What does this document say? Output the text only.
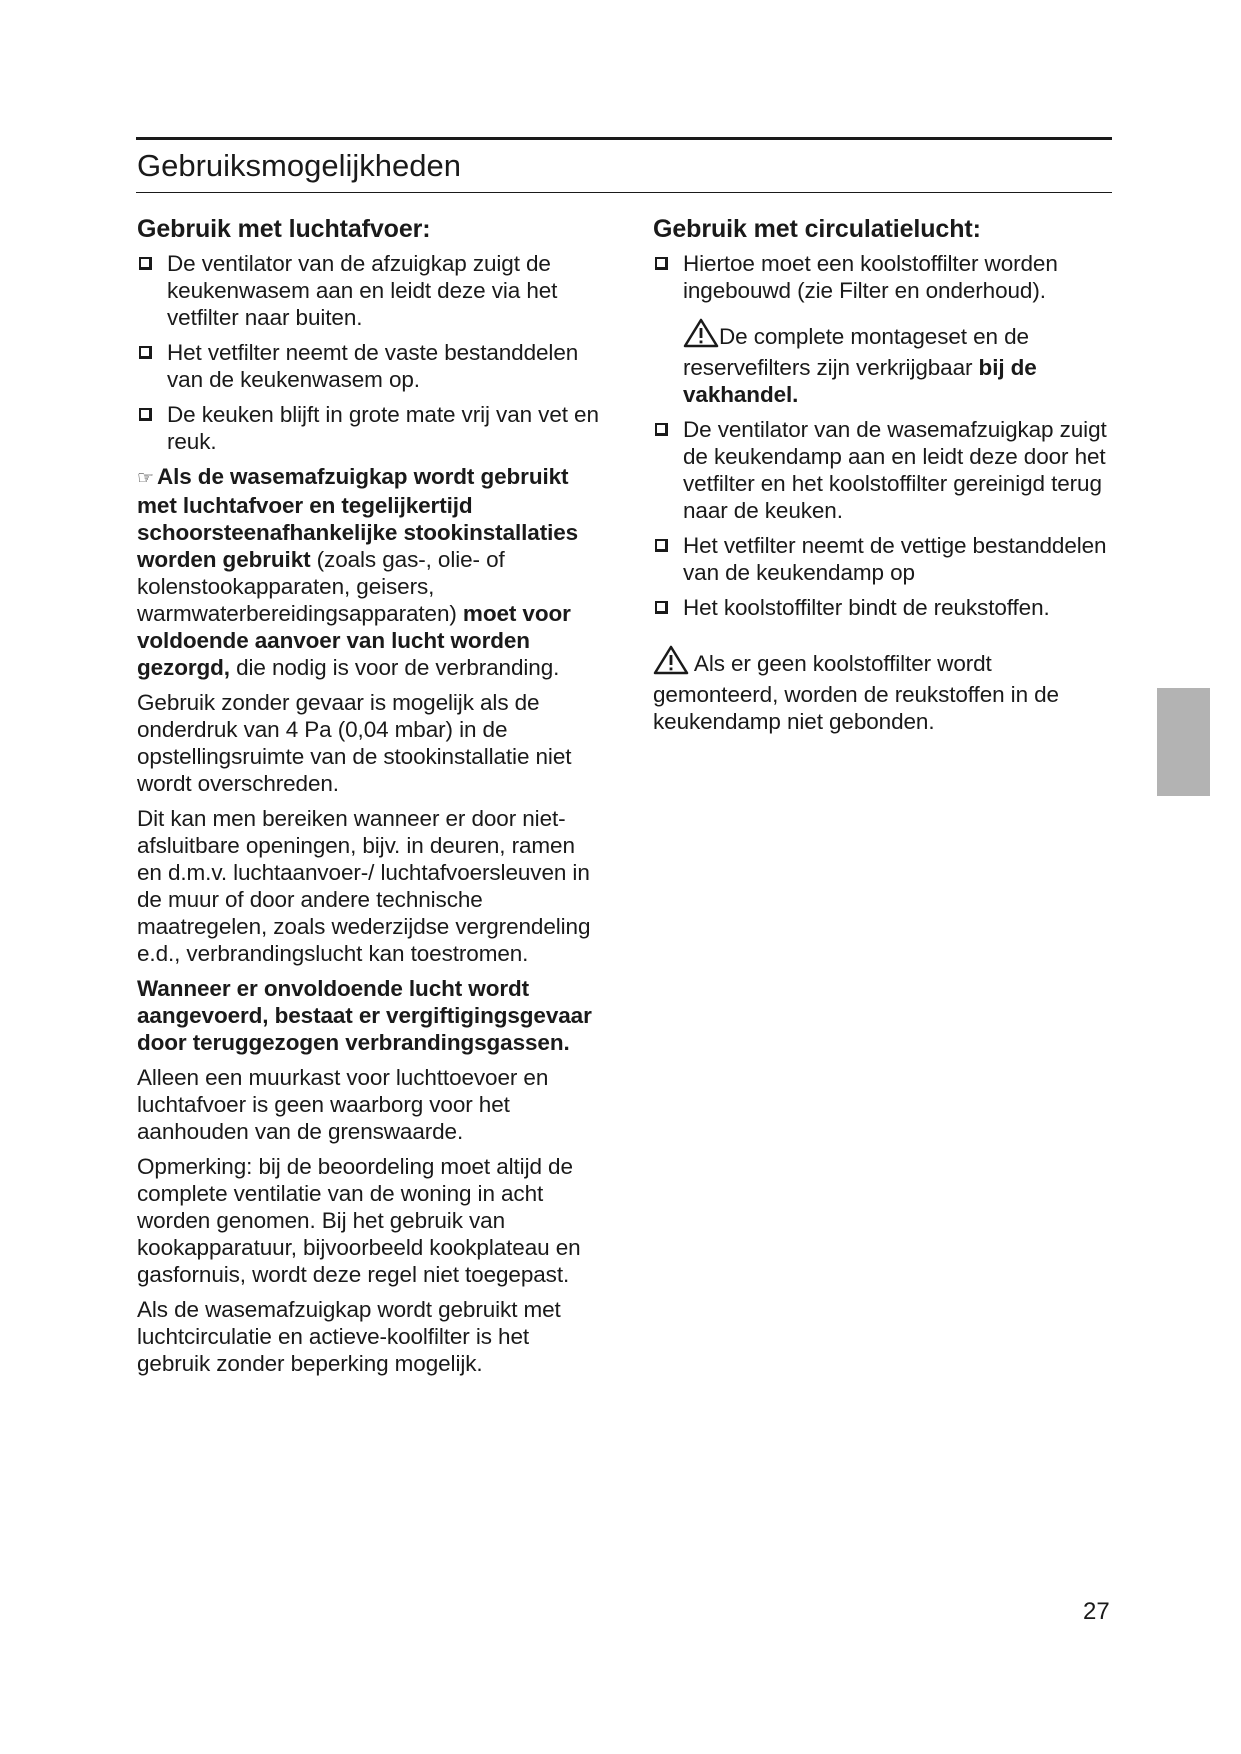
Gebruiksmogelijkheden
Gebruik met luchtafvoer:
De ventilator van de afzuigkap zuigt de keukenwasem aan en leidt deze via het vetfilter naar buiten.
Het vetfilter neemt de vaste bestanddelen van de keukenwasem op.
De keuken blijft in grote mate vrij van vet en reuk.

☞ Als de wasemafzuigkap wordt gebruikt met luchtafvoer en tegelijkertijd schoorsteenafhankelijke stookinstallaties worden gebruikt (zoals gas-, olie- of kolenstookapparaten, geisers, warmwaterbereidingsapparaten) moet voor voldoende aanvoer van lucht worden gezorgd, die nodig is voor de verbranding.

Gebruik zonder gevaar is mogelijk als de onderdruk van 4 Pa (0,04 mbar) in de opstellingsruimte van de stookinstallatie niet wordt overschreden.

Dit kan men bereiken wanneer er door niet-afsluitbare openingen, bijv. in deuren, ramen en d.m.v. luchtaanvoer-/ luchtafvoersleuven in de muur of door andere technische maatregelen, zoals wederzijdse vergrendeling e.d., verbrandingslucht kan toestromen.

Wanneer er onvoldoende lucht wordt aangevoerd, bestaat er vergiftigingsgevaar door teruggezogen verbrandingsgassen.

Alleen een muurkast voor luchttoevoer en luchtafvoer is geen waarborg voor het aanhouden van de grenswaarde.

Opmerking: bij de beoordeling moet altijd de complete ventilatie van de woning in acht worden genomen. Bij het gebruik van kookapparatuur, bijvoorbeeld kookplateau en gasfornuis, wordt deze regel niet toegepast.

Als de wasemafzuigkap wordt gebruikt met luchtcirculatie en actieve-koolfilter is het gebruik zonder beperking mogelijk.

Gebruik met circulatielucht:
Hiertoe moet een koolstoffilter worden ingebouwd (zie Filter en onderhoud).

De complete montageset en de reservefilters zijn verkrijgbaar bij de vakhandel.

De ventilator van de wasemafzuigkap zuigt de keukendamp aan en leidt deze door het vetfilter en het koolstoffilter gereinigd terug naar de keuken.
Het vetfilter neemt de vettige bestanddelen van de keukendamp op
Het koolstoffilter bindt de reukstoffen.

Als er geen koolstoffilter wordt gemonteerd, worden de reukstoffen in de keukendamp niet gebonden.

27
